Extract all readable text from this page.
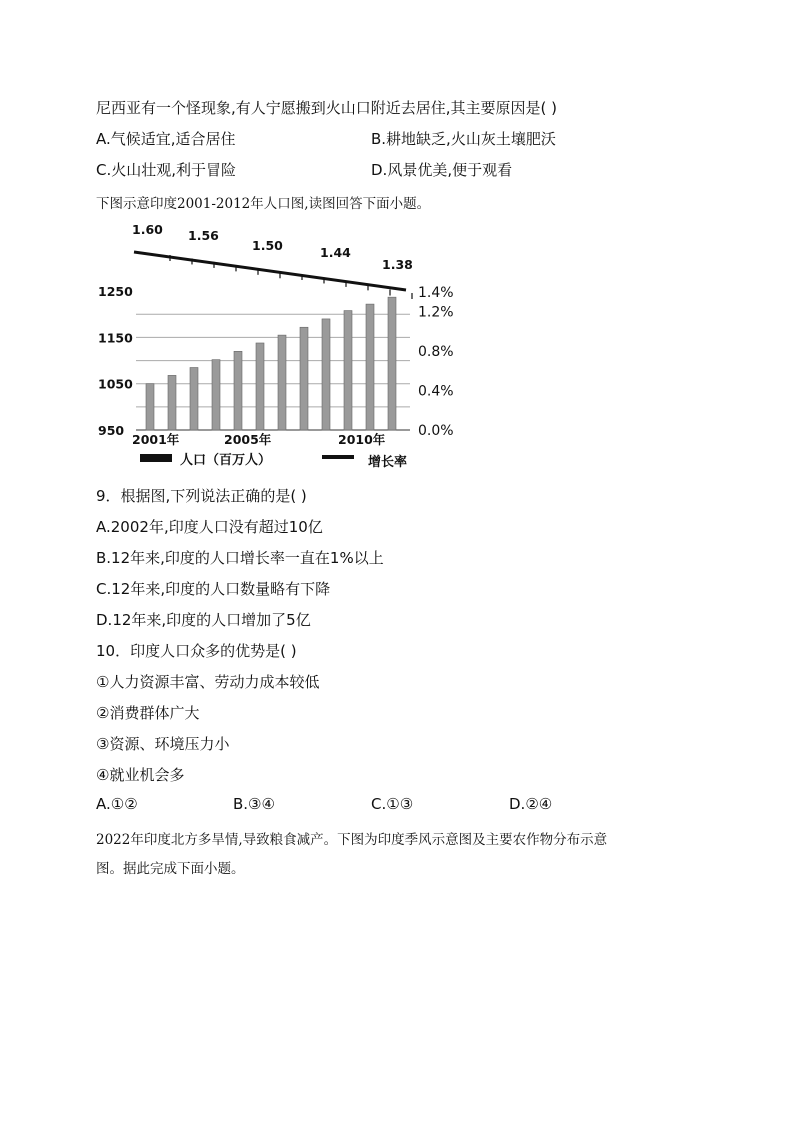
尼西亚有一个怪现象,有人宁愿搬到火山口附近去居住,其主要原因是( )
A.气候适宜,适合居住	B.耕地缺乏,火山灰土壤肥沃
C.火山壮观,利于冒险	D.风景优美,便于观看
下图示意印度2001-2012年人口图,读图回答下面小题。
950
1050
1150
1250
0.0%
0.4%
0.8%
1.2%
1.4%
1.60 1.56
1.50	1.44
1.38
2001年	2005年	2010年
人口（百万人）	增长率
9．根据图,下列说法正确的是( )
A.2002年,印度人口没有超过10亿
B.12年来,印度的人口增长率一直在1%以上
C.12年来,印度的人口数量略有下降
D.12年来,印度的人口增加了5亿
10．印度人口众多的优势是( )
①人力资源丰富、劳动力成本较低
②消费群体广大
③资源、环境压力小
④就业机会多
A.①②	B.③④	C.①③	D.②④
2022年印度北方多旱情,导致粮食减产。下图为印度季风示意图及主要农作物分布示意
图。据此完成下面小题。
